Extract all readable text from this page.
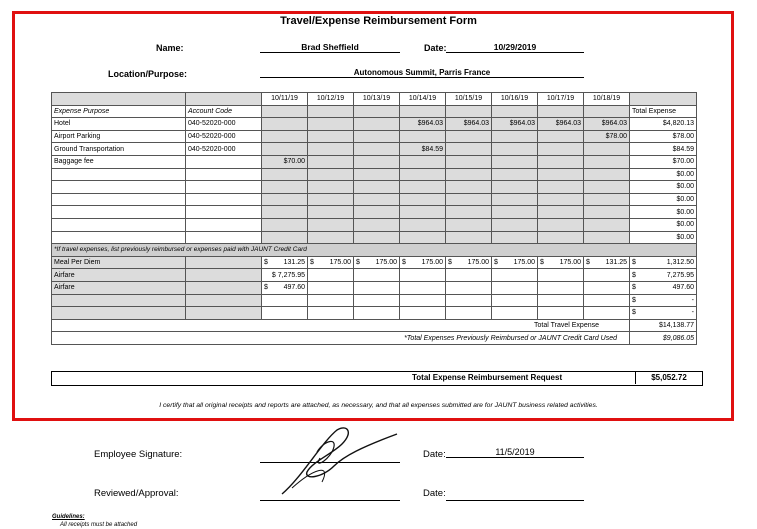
Travel/Expense Reimbursement Form
Name:	Brad Sheffield	Date:	10/29/2019
Location/Purpose:	Autonomous Summit, Parris France
		10/11/19	10/12/19	10/13/19	10/14/19	10/15/19	10/16/19	10/17/19	10/18/19	
Expense Purpose	Account Code									Total Expense
Hotel	040-52020-000				$964.03	$964.03	$964.03	$964.03	$964.03	$4,820.13
Airport Parking	040-52020-000								$78.00	$78.00
Ground Transportation	040-52020-000				$84.59					$84.59
Baggage fee		$70.00								$70.00
										$0.00
										$0.00
										$0.00
										$0.00
										$0.00
										$0.00
*If travel expenses, list previously reimbursed or expenses paid with JAUNT Credit Card										
Meal Per Diem		$ 131.25	$ 175.00	$ 175.00	$ 175.00	$ 175.00	$ 175.00	$ 175.00	$ 131.25	$ 1,312.50

Airfare		$ 7,275.95								$ 7,275.95

Airfare		$ 497.60								$ 497.60

										$ -

										$ -

Total Travel Expense										$14,138.77
*Total Expenses Previously Reimbursed or JAUNT Credit Card Used										$9,086.05
Total Expense Reimbursement Request	$5,052.72
I certify that all original receipts and reports are attached, as necessary, and that all expenses submitted are for JAUNT business related activities.
Employee Signature:	Date:	11/5/2019
Reviewed/Approval:	Date:
Guidelines:
All receipts must be attached
